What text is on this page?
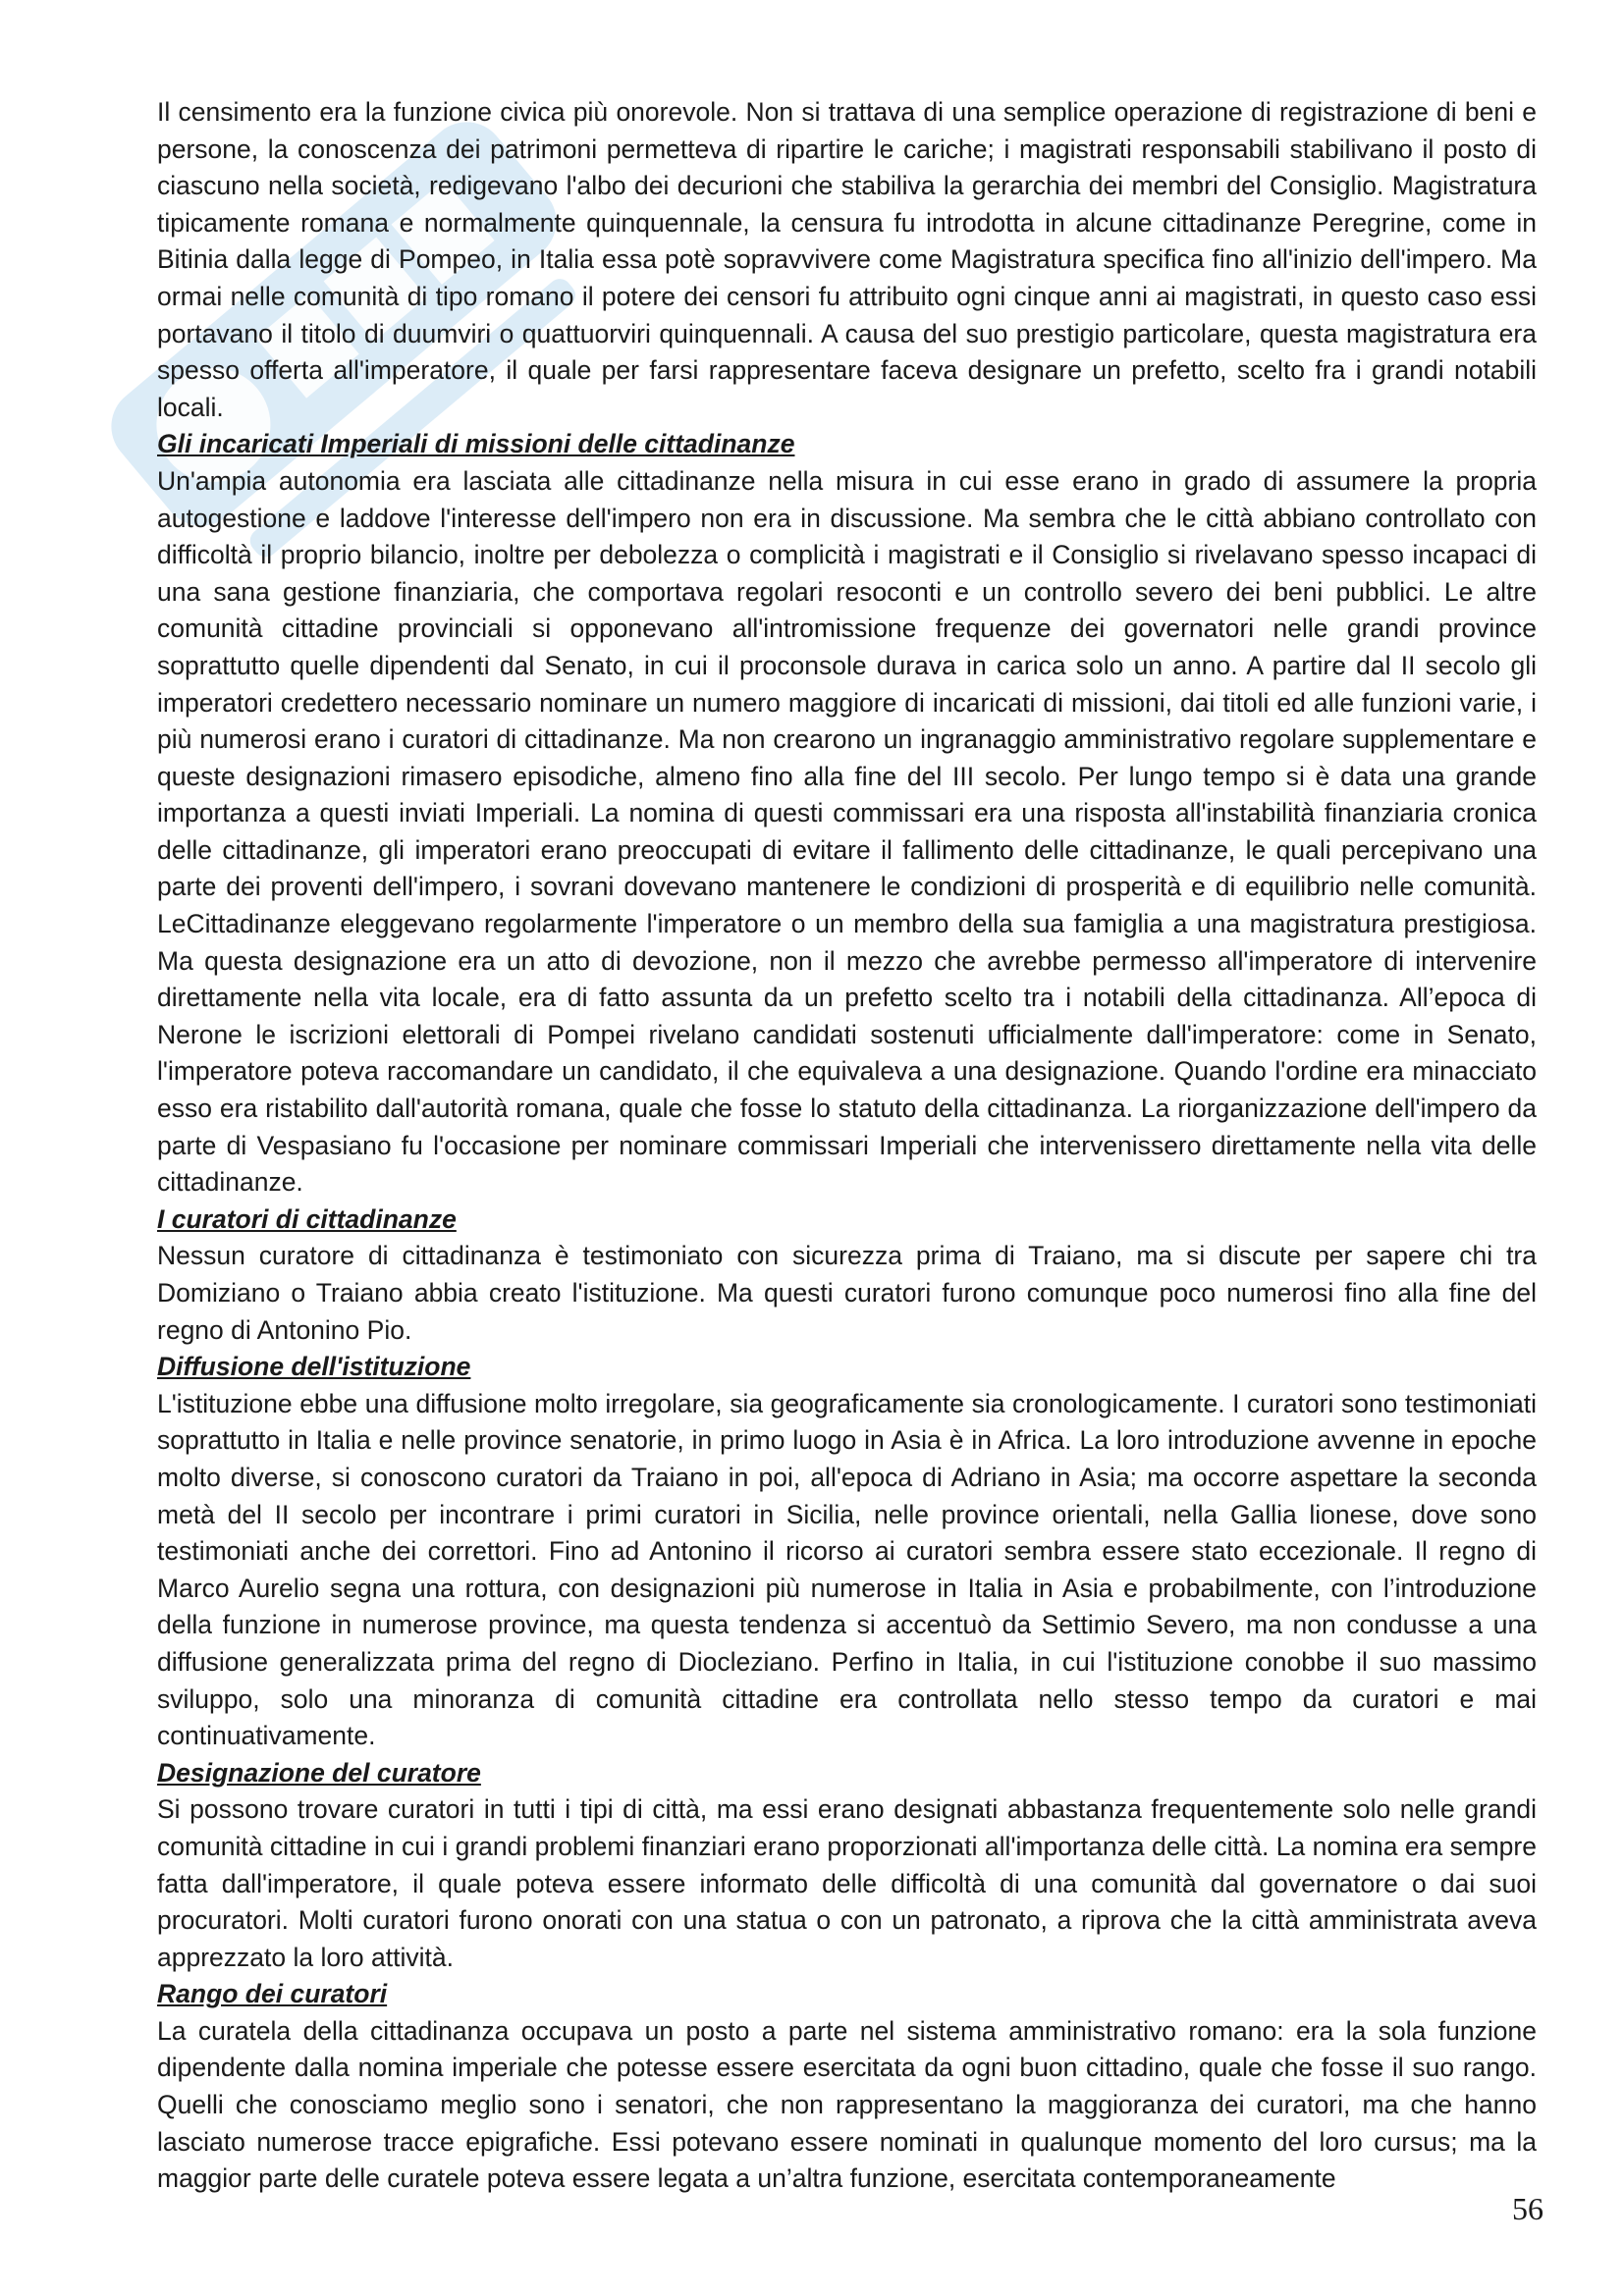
Il censimento era la funzione civica più onorevole. Non si trattava di una semplice operazione di registrazione di beni e persone, la conoscenza dei patrimoni permetteva di ripartire le cariche; i magistrati responsabili stabilivano il posto di ciascuno nella società, redigevano l'albo dei decurioni che stabiliva la gerarchia dei membri del Consiglio. Magistratura tipicamente romana e normalmente quinquennale, la censura fu introdotta in alcune cittadinanze Peregrine, come in Bitinia dalla legge di Pompeo, in Italia essa potè sopravvivere come Magistratura specifica fino all'inizio dell'impero. Ma ormai nelle comunità di tipo romano il potere dei censori fu attribuito ogni cinque anni ai magistrati, in questo caso essi portavano il titolo di duumviri o quattuorviri quinquennali. A causa del suo prestigio particolare, questa magistratura era spesso offerta all'imperatore, il quale per farsi rappresentare faceva designare un prefetto, scelto fra i grandi notabili locali.

Gli incaricati Imperiali di missioni delle cittadinanze

Un'ampia autonomia era lasciata alle cittadinanze nella misura in cui esse erano in grado di assumere la propria autogestione e laddove l'interesse dell'impero non era in discussione. Ma sembra che le città abbiano controllato con difficoltà il proprio bilancio, inoltre per debolezza o complicità i magistrati e il Consiglio si rivelavano spesso incapaci di una sana gestione finanziaria, che comportava regolari resoconti e un controllo severo dei beni pubblici. Le altre comunità cittadine provinciali si opponevano all'intromissione frequenze dei governatori nelle grandi province soprattutto quelle dipendenti dal Senato, in cui il proconsole durava in carica solo un anno. A partire dal II secolo gli imperatori credettero necessario nominare un numero maggiore di incaricati di missioni, dai titoli ed alle funzioni varie, i più numerosi erano i curatori di cittadinanze. Ma non crearono un ingranaggio amministrativo regolare supplementare e queste designazioni rimasero episodiche, almeno fino alla fine del III secolo. Per lungo tempo si è data una grande importanza a questi inviati Imperiali. La nomina di questi commissari era una risposta all'instabilità finanziaria cronica delle cittadinanze, gli imperatori erano preoccupati di evitare il fallimento delle cittadinanze, le quali percepivano una parte dei proventi dell'impero, i sovrani dovevano mantenere le condizioni di prosperità e di equilibrio nelle comunità. LeCittadinanze eleggevano regolarmente l'imperatore o un membro della sua famiglia a una magistratura prestigiosa. Ma questa designazione era un atto di devozione, non il mezzo che avrebbe permesso all'imperatore di intervenire direttamente nella vita locale, era di fatto assunta da un prefetto scelto tra i notabili della cittadinanza. All’epoca di Nerone le iscrizioni elettorali di Pompei rivelano candidati sostenuti ufficialmente dall'imperatore: come in Senato, l'imperatore poteva raccomandare un candidato, il che equivaleva a una designazione. Quando l'ordine era minacciato esso era ristabilito dall'autorità romana, quale che fosse lo statuto della cittadinanza. La riorganizzazione dell'impero da parte di Vespasiano fu l'occasione per nominare commissari Imperiali che intervenissero direttamente nella vita delle cittadinanze.

I curatori di cittadinanze

Nessun curatore di cittadinanza è testimoniato con sicurezza prima di Traiano, ma si discute per sapere chi tra Domiziano o Traiano abbia creato l'istituzione. Ma questi curatori furono comunque poco numerosi fino alla fine del regno di Antonino Pio.

Diffusione dell'istituzione

L'istituzione ebbe una diffusione molto irregolare, sia geograficamente sia cronologicamente. I curatori sono testimoniati soprattutto in Italia e nelle province senatorie, in primo luogo in Asia è in Africa. La loro introduzione avvenne in epoche molto diverse, si conoscono curatori da Traiano in poi, all'epoca di Adriano in Asia; ma occorre aspettare la seconda metà del II secolo per incontrare i primi curatori in Sicilia, nelle province orientali, nella Gallia lionese, dove sono testimoniati anche dei correttori. Fino ad Antonino il ricorso ai curatori sembra essere stato eccezionale. Il regno di Marco Aurelio segna una rottura, con designazioni più numerose in Italia in Asia e probabilmente, con l’introduzione della funzione in numerose province, ma questa tendenza si accentuò da Settimio Severo, ma non condusse a una diffusione generalizzata prima del regno di Diocleziano. Perfino in Italia, in cui l'istituzione conobbe il suo massimo sviluppo, solo una minoranza di comunità cittadine era controllata nello stesso tempo da curatori e mai continuativamente.

Designazione del curatore

Si possono trovare curatori in tutti i tipi di città, ma essi erano designati abbastanza frequentemente solo nelle grandi comunità cittadine in cui i grandi problemi finanziari erano proporzionati all'importanza delle città. La nomina era sempre fatta dall'imperatore, il quale poteva essere informato delle difficoltà di una comunità dal governatore o dai suoi procuratori. Molti curatori furono onorati con una statua o con un patronato, a riprova che la città amministrata aveva apprezzato la loro attività.

Rango dei curatori

La curatela della cittadinanza occupava un posto a parte nel sistema amministrativo romano: era la sola funzione dipendente dalla nomina imperiale che potesse essere esercitata da ogni buon cittadino, quale che fosse il suo rango. Quelli che conosciamo meglio sono i senatori, che non rappresentano la maggioranza dei curatori, ma che hanno lasciato numerose tracce epigrafiche. Essi potevano essere nominati in qualunque momento del loro cursus; ma la maggior parte delle curatele poteva essere legata a un’altra funzione, esercitata contemporaneamente

56
